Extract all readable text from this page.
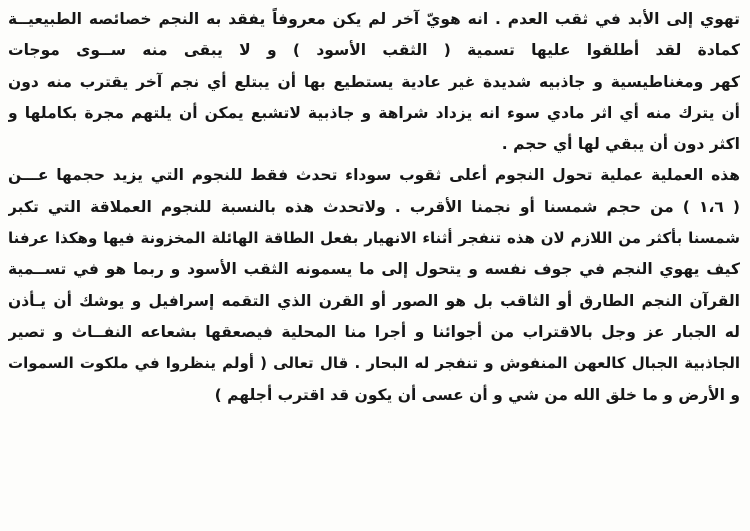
تهوي إلى الأبد في ثقب العدم . انه هويّ آخر لم يكن معروفاً يفقد به النجم خصائصه الطبيعيــة
كمادة لقد أطلقوا عليها تسمية ( الثقب الأسود ) و لا يبقى منه ســوى موجات
كهر ومغناطيسية و جاذبيه شديدة غير عادية يستطيع بها أن يبتلع أي نجم آخر يقترب منه دون
أن يترك منه أي اثر مادي سوء انه يزداد شراهة و جاذبية لاتشبع يمكن أن يلتهم مجرة بكاملها و
اكثر دون أن يبقي لها أي حجم .
هذه العملية عملية تحول النجوم أعلى ثقوب سوداء تحدث فقط للنجوم التي يزيد حجمها عـــن
( ١،٦ ) من حجم شمسنا أو نجمنا الأقرب . ولاتحدث هذه بالنسبة للنجوم العملاقة التي تكبر
شمسنا بأكثر من اللازم لان هذه تنفجر أثناء الانهيار بفعل الطاقة الهائلة المخزونة فيها وهكذا عرفنا
كيف يهوي النجم في جوف نفسه و يتحول إلى ما يسمونه الثقب الأسود و ربما هو في تســمية
القرآن النجم الطارق أو الثاقب بل هو الصور أو القرن الذي التقمه إسرافيل و يوشك أن يـأذن
له الجبار عز وجل بالاقتراب من أجوائنا و أجرا منا المحلية فيصعقها بشعاعه النفــاث و تصير
الجاذبية الجبال كالعهن المنفوش و تنفجر له البحار . قال تعالى ( أولم ينظروا في ملكوت السموات
و الأرض و ما خلق الله من شي و أن عسى أن يكون قد اقترب أجلهم )
